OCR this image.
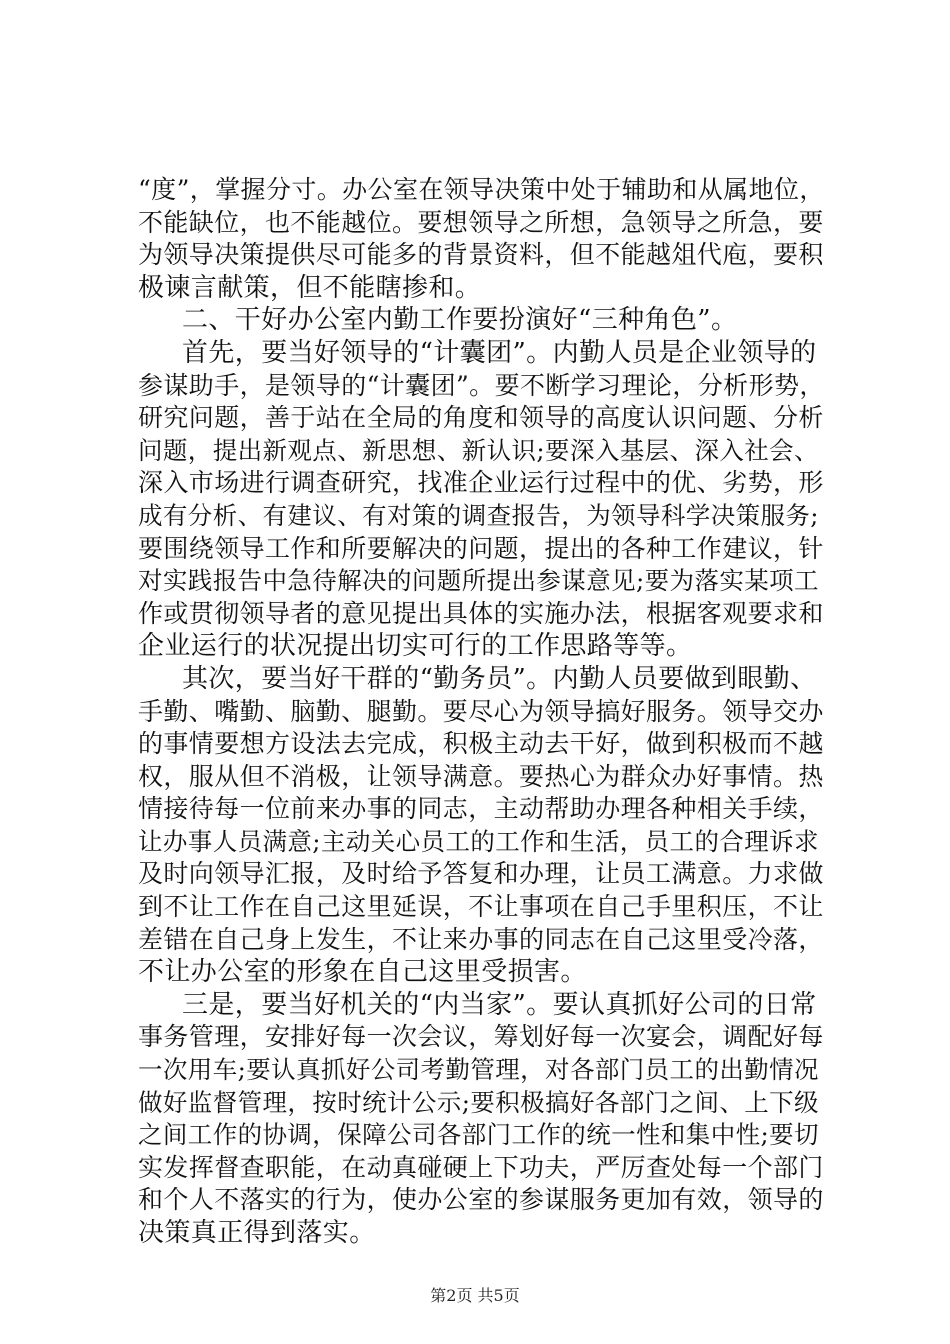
“度”，掌握分寸。办公室在领导决策中处于辅助和从属地位，
不能缺位，也不能越位。要想领导之所想，急领导之所急，要
为领导决策提供尽可能多的背景资料，但不能越俎代庖，要积
极谏言献策，但不能瞎掺和。
二、干好办公室内勤工作要扮演好“三种角色”。
首先，要当好领导的“计囊团”。内勤人员是企业领导的
参谋助手，是领导的“计囊团”。要不断学习理论，分析形势，
研究问题，善于站在全局的角度和领导的高度认识问题、分析
问题，提出新观点、新思想、新认识;要深入基层、深入社会、
深入市场进行调查研究，找准企业运行过程中的优、劣势，形
成有分析、有建议、有对策的调查报告，为领导科学决策服务;
要围绕领导工作和所要解决的问题，提出的各种工作建议，针
对实践报告中急待解决的问题所提出参谋意见;要为落实某项工
作或贯彻领导者的意见提出具体的实施办法，根据客观要求和
企业运行的状况提出切实可行的工作思路等等。
其次，要当好干群的“勤务员”。内勤人员要做到眼勤、
手勤、嘴勤、脑勤、腿勤。要尽心为领导搞好服务。领导交办
的事情要想方设法去完成，积极主动去干好，做到积极而不越
权，服从但不消极，让领导满意。要热心为群众办好事情。热
情接待每一位前来办事的同志，主动帮助办理各种相关手续，
让办事人员满意;主动关心员工的工作和生活，员工的合理诉求
及时向领导汇报，及时给予答复和办理，让员工满意。力求做
到不让工作在自己这里延误，不让事项在自己手里积压，不让
差错在自己身上发生，不让来办事的同志在自己这里受冷落，
不让办公室的形象在自己这里受损害。
三是，要当好机关的“内当家”。要认真抓好公司的日常
事务管理，安排好每一次会议，筹划好每一次宴会，调配好每
一次用车;要认真抓好公司考勤管理，对各部门员工的出勤情况
做好监督管理，按时统计公示;要积极搞好各部门之间、上下级
之间工作的协调，保障公司各部门工作的统一性和集中性;要切
实发挥督查职能，在动真碰硬上下功夫，严厉查处每一个部门
和个人不落实的行为，使办公室的参谋服务更加有效，领导的
决策真正得到落实。
第2页 共5页
